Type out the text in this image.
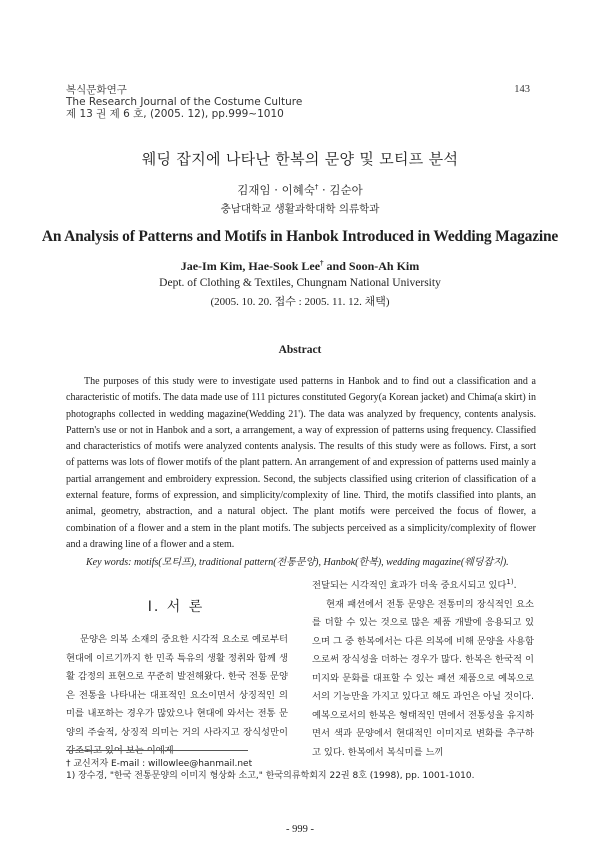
복식문화연구
The Research Journal of the Costume Culture
제 13 권 제 6 호, (2005. 12), pp.999~1010
143
웨딩 잡지에 나타난 한복의 문양 및 모티프 분석
김재임 · 이혜숙† · 김순아
충남대학교 생활과학대학 의류학과
An Analysis of Patterns and Motifs in Hanbok Introduced in Wedding Magazine
Jae-Im Kim, Hae-Sook Lee† and Soon-Ah Kim
Dept. of Clothing & Textiles, Chungnam National University
(2005. 10. 20. 접수 : 2005. 11. 12. 채택)
Abstract
The purposes of this study were to investigate used patterns in Hanbok and to find out a classification and a characteristic of motifs. The data made use of 111 pictures constituted Gegory(a Korean jacket) and Chima(a skirt) in photographs collected in wedding magazine(Wedding 21'). The data was analyzed by frequency, contents analysis. Pattern's use or not in Hanbok and a sort, a arrangement, a way of expression of patterns using frequency. Classified and characteristics of motifs were analyzed contents analysis. The results of this study were as follows. First, a sort of patterns was lots of flower motifs of the plant pattern. An arrangement of and expression of patterns used mainly a partial arrangement and embroidery expression. Second, the subjects classified using criterion of classification of a external feature, forms of expression, and simplicity/complexity of line. Third, the motifs classified into plants, an animal, geometry, abstraction, and a natural object. The plant motifs were perceived the focus of flower, a combination of a flower and a stem in the plant motifs. The subjects perceived as a simplicity/complexity of flower and a drawing line of a flower and a stem.
Key words: motifs(모티프), traditional pattern(전통문양), Hanbok(한복), wedding magazine(웨딩잡지).
Ⅰ. 서 론
문양은 의복 소재의 중요한 시각적 요소로 예로부터 현대에 이르기까지 한 민족 특유의 생활 정취와 함께 생활 감정의 표현으로 꾸준히 발전해왔다. 한국 전통 문양은 전통을 나타내는 대표적인 요소이면서 상징적인 의미를 내포하는 경우가 많았으나 현대에 와서는 전통 문양의 주술적, 상징적 의미는 거의 사라지고 장식성만이 강조되고 있어 보는 이에게
전달되는 시각적인 효과가 더욱 중요시되고 있다$^{1)}$.
현재 패션에서 전통 문양은 전통미의 장식적인 요소를 더할 수 있는 것으로 많은 제품 개발에 응용되고 있으며 그 중 한복에서는 다른 의복에 비해 문양을 사용함으로써 장식성을 더하는 경우가 많다. 한복은 한국적 이미지와 문화를 대표할 수 있는 패션 제품으로 예복으로서의 기능만을 가지고 있다고 해도 과언은 아닐 것이다. 예복으로서의 한복은 형태적인 면에서 전통성을 유지하면서 색과 문양에서 현대적인 이미지로 변화를 추구하고 있다. 한복에서 복식미를 느끼
† 교신저자 E-mail : willowlee@hanmail.net
1) 장수경, "한국 전통문양의 이미지 형상화 소고," 한국의류학회지 22권 8호 (1998), pp. 1001-1010.
- 999 -
